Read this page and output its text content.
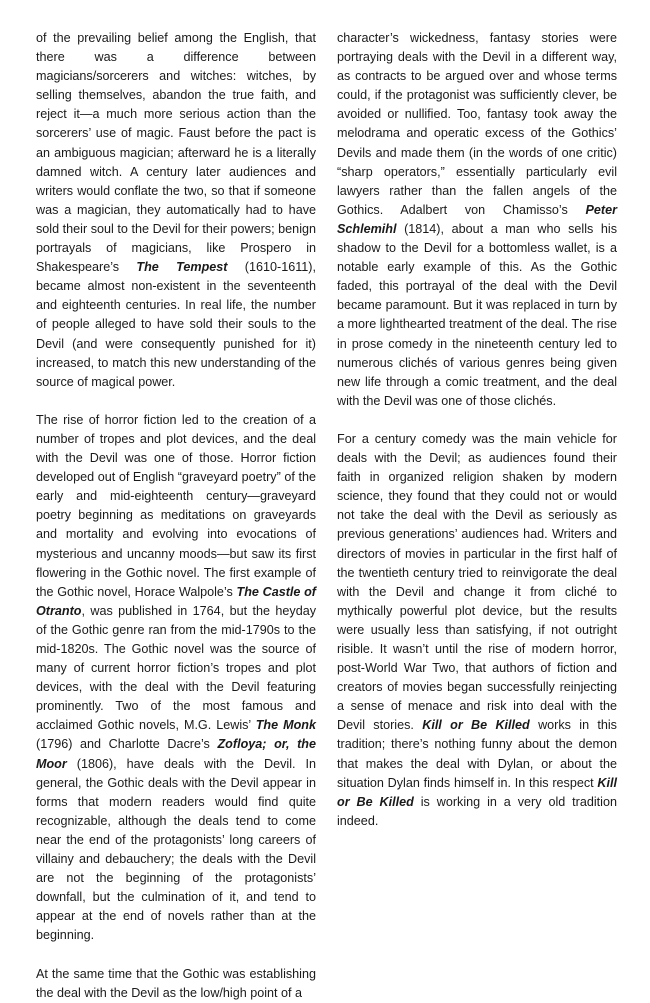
of the prevailing belief among the English, that there was a difference between magicians/sorcerers and witches: witches, by selling themselves, abandon the true faith, and reject it—a much more serious action than the sorcerers’ use of magic. Faust before the pact is an ambiguous magician; afterward he is a literally damned witch. A century later audiences and writers would conflate the two, so that if someone was a magician, they automatically had to have sold their soul to the Devil for their powers; benign portrayals of magicians, like Prospero in Shakespeare’s The Tempest (1610-1611), became almost non-existent in the seventeenth and eighteenth centuries. In real life, the number of people alleged to have sold their souls to the Devil (and were consequently punished for it) increased, to match this new understanding of the source of magical power.

The rise of horror fiction led to the creation of a number of tropes and plot devices, and the deal with the Devil was one of those. Horror fiction developed out of English “graveyard poetry” of the early and mid-eighteenth century—graveyard poetry beginning as meditations on graveyards and mortality and evolving into evocations of mysterious and uncanny moods—but saw its first flowering in the Gothic novel. The first example of the Gothic novel, Horace Walpole’s The Castle of Otranto, was published in 1764, but the heyday of the Gothic genre ran from the mid-1790s to the mid-1820s. The Gothic novel was the source of many of current horror fiction’s tropes and plot devices, with the deal with the Devil featuring prominently. Two of the most famous and acclaimed Gothic novels, M.G. Lewis’ The Monk (1796) and Charlotte Dacre’s Zofloya; or, the Moor (1806), have deals with the Devil. In general, the Gothic deals with the Devil appear in forms that modern readers would find quite recognizable, although the deals tend to come near the end of the protagonists’ long careers of villainy and debauchery; the deals with the Devil are not the beginning of the protagonists’ downfall, but the culmination of it, and tend to appear at the end of novels rather than at the beginning.

At the same time that the Gothic was establishing the deal with the Devil as the low/high point of a

character’s wickedness, fantasy stories were portraying deals with the Devil in a different way, as contracts to be argued over and whose terms could, if the protagonist was sufficiently clever, be avoided or nullified. Too, fantasy took away the melodrama and operatic excess of the Gothics’ Devils and made them (in the words of one critic) “sharp operators,” essentially particularly evil lawyers rather than the fallen angels of the Gothics. Adalbert von Chamisso’s Peter Schlemihl (1814), about a man who sells his shadow to the Devil for a bottomless wallet, is a notable early example of this. As the Gothic faded, this portrayal of the deal with the Devil became paramount. But it was replaced in turn by a more lighthearted treatment of the deal. The rise in prose comedy in the nineteenth century led to numerous clichés of various genres being given new life through a comic treatment, and the deal with the Devil was one of those clichés.

For a century comedy was the main vehicle for deals with the Devil; as audiences found their faith in organized religion shaken by modern science, they found that they could not or would not take the deal with the Devil as seriously as previous generations’ audiences had. Writers and directors of movies in particular in the first half of the twentieth century tried to reinvigorate the deal with the Devil and change it from cliché to mythically powerful plot device, but the results were usually less than satisfying, if not outright risible. It wasn’t until the rise of modern horror, post-World War Two, that authors of fiction and creators of movies began successfully reinjecting a sense of menace and risk into deal with the Devil stories. Kill or Be Killed works in this tradition; there’s nothing funny about the demon that makes the deal with Dylan, or about the situation Dylan finds himself in. In this respect Kill or Be Killed is working in a very old tradition indeed.
